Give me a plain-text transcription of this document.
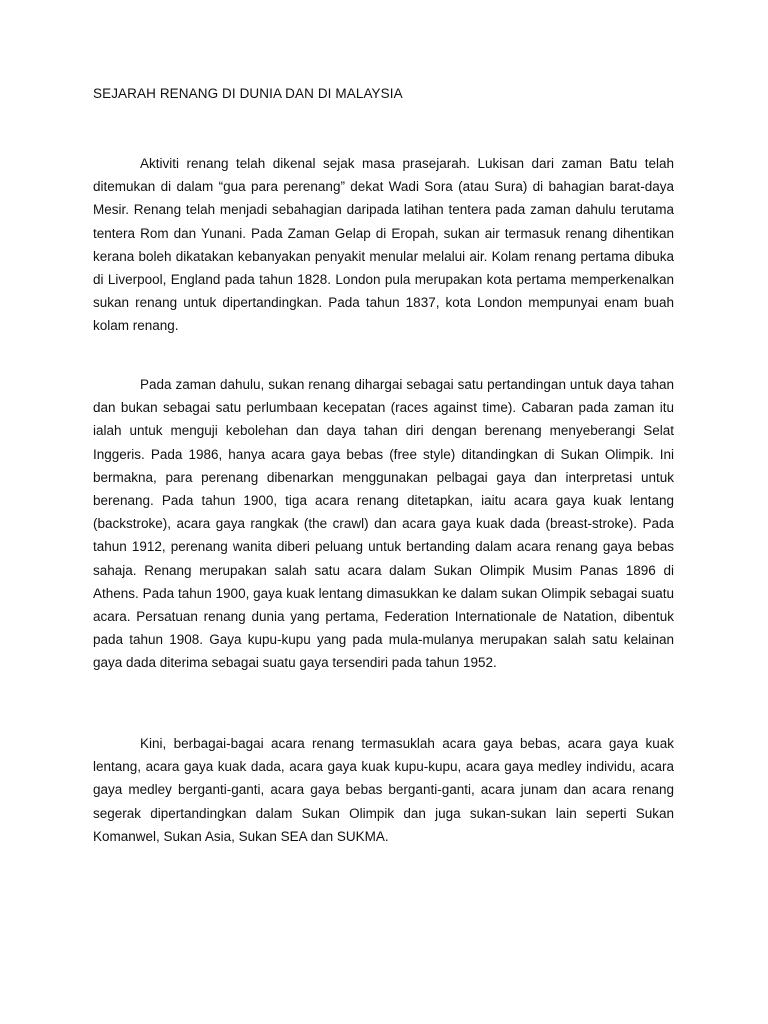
SEJARAH RENANG DI DUNIA DAN DI MALAYSIA

Aktiviti renang telah dikenal sejak masa prasejarah. Lukisan dari zaman Batu telah ditemukan di dalam “gua para perenang” dekat Wadi Sora (atau Sura) di bahagian barat-daya Mesir. Renang telah menjadi sebahagian daripada latihan tentera pada zaman dahulu terutama tentera Rom dan Yunani. Pada Zaman Gelap di Eropah, sukan air termasuk renang dihentikan kerana boleh dikatakan kebanyakan penyakit menular melalui air. Kolam renang pertama dibuka di Liverpool, England pada tahun 1828. London pula merupakan kota pertama memperkenalkan sukan renang untuk dipertandingkan. Pada tahun 1837, kota London mempunyai enam buah kolam renang.

Pada zaman dahulu, sukan renang dihargai sebagai satu pertandingan untuk daya tahan dan bukan sebagai satu perlumbaan kecepatan (races against time). Cabaran pada zaman itu ialah untuk menguji kebolehan dan daya tahan diri dengan berenang menyeberangi Selat Inggeris. Pada 1986, hanya acara gaya bebas (free style) ditandingkan di Sukan Olimpik. Ini bermakna, para perenang dibenarkan menggunakan pelbagai gaya dan interpretasi untuk berenang. Pada tahun 1900, tiga acara renang ditetapkan, iaitu acara gaya kuak lentang (backstroke), acara gaya rangkak (the crawl) dan acara gaya kuak dada (breast-stroke). Pada tahun 1912, perenang wanita diberi peluang untuk bertanding dalam acara renang gaya bebas sahaja. Renang merupakan salah satu acara dalam Sukan Olimpik Musim Panas 1896 di Athens. Pada tahun 1900, gaya kuak lentang dimasukkan ke dalam sukan Olimpik sebagai suatu acara. Persatuan renang dunia yang pertama, Federation Internationale de Natation, dibentuk pada tahun 1908. Gaya kupu-kupu yang pada mula-mulanya merupakan salah satu kelainan gaya dada diterima sebagai suatu gaya tersendiri pada tahun 1952.

Kini, berbagai-bagai acara renang termasuklah acara gaya bebas, acara gaya kuak lentang, acara gaya kuak dada, acara gaya kuak kupu-kupu, acara gaya medley individu, acara gaya medley berganti-ganti, acara gaya bebas berganti-ganti, acara junam dan acara renang segerak dipertandingkan dalam Sukan Olimpik dan juga sukan-sukan lain seperti Sukan Komanwel, Sukan Asia, Sukan SEA dan SUKMA.
